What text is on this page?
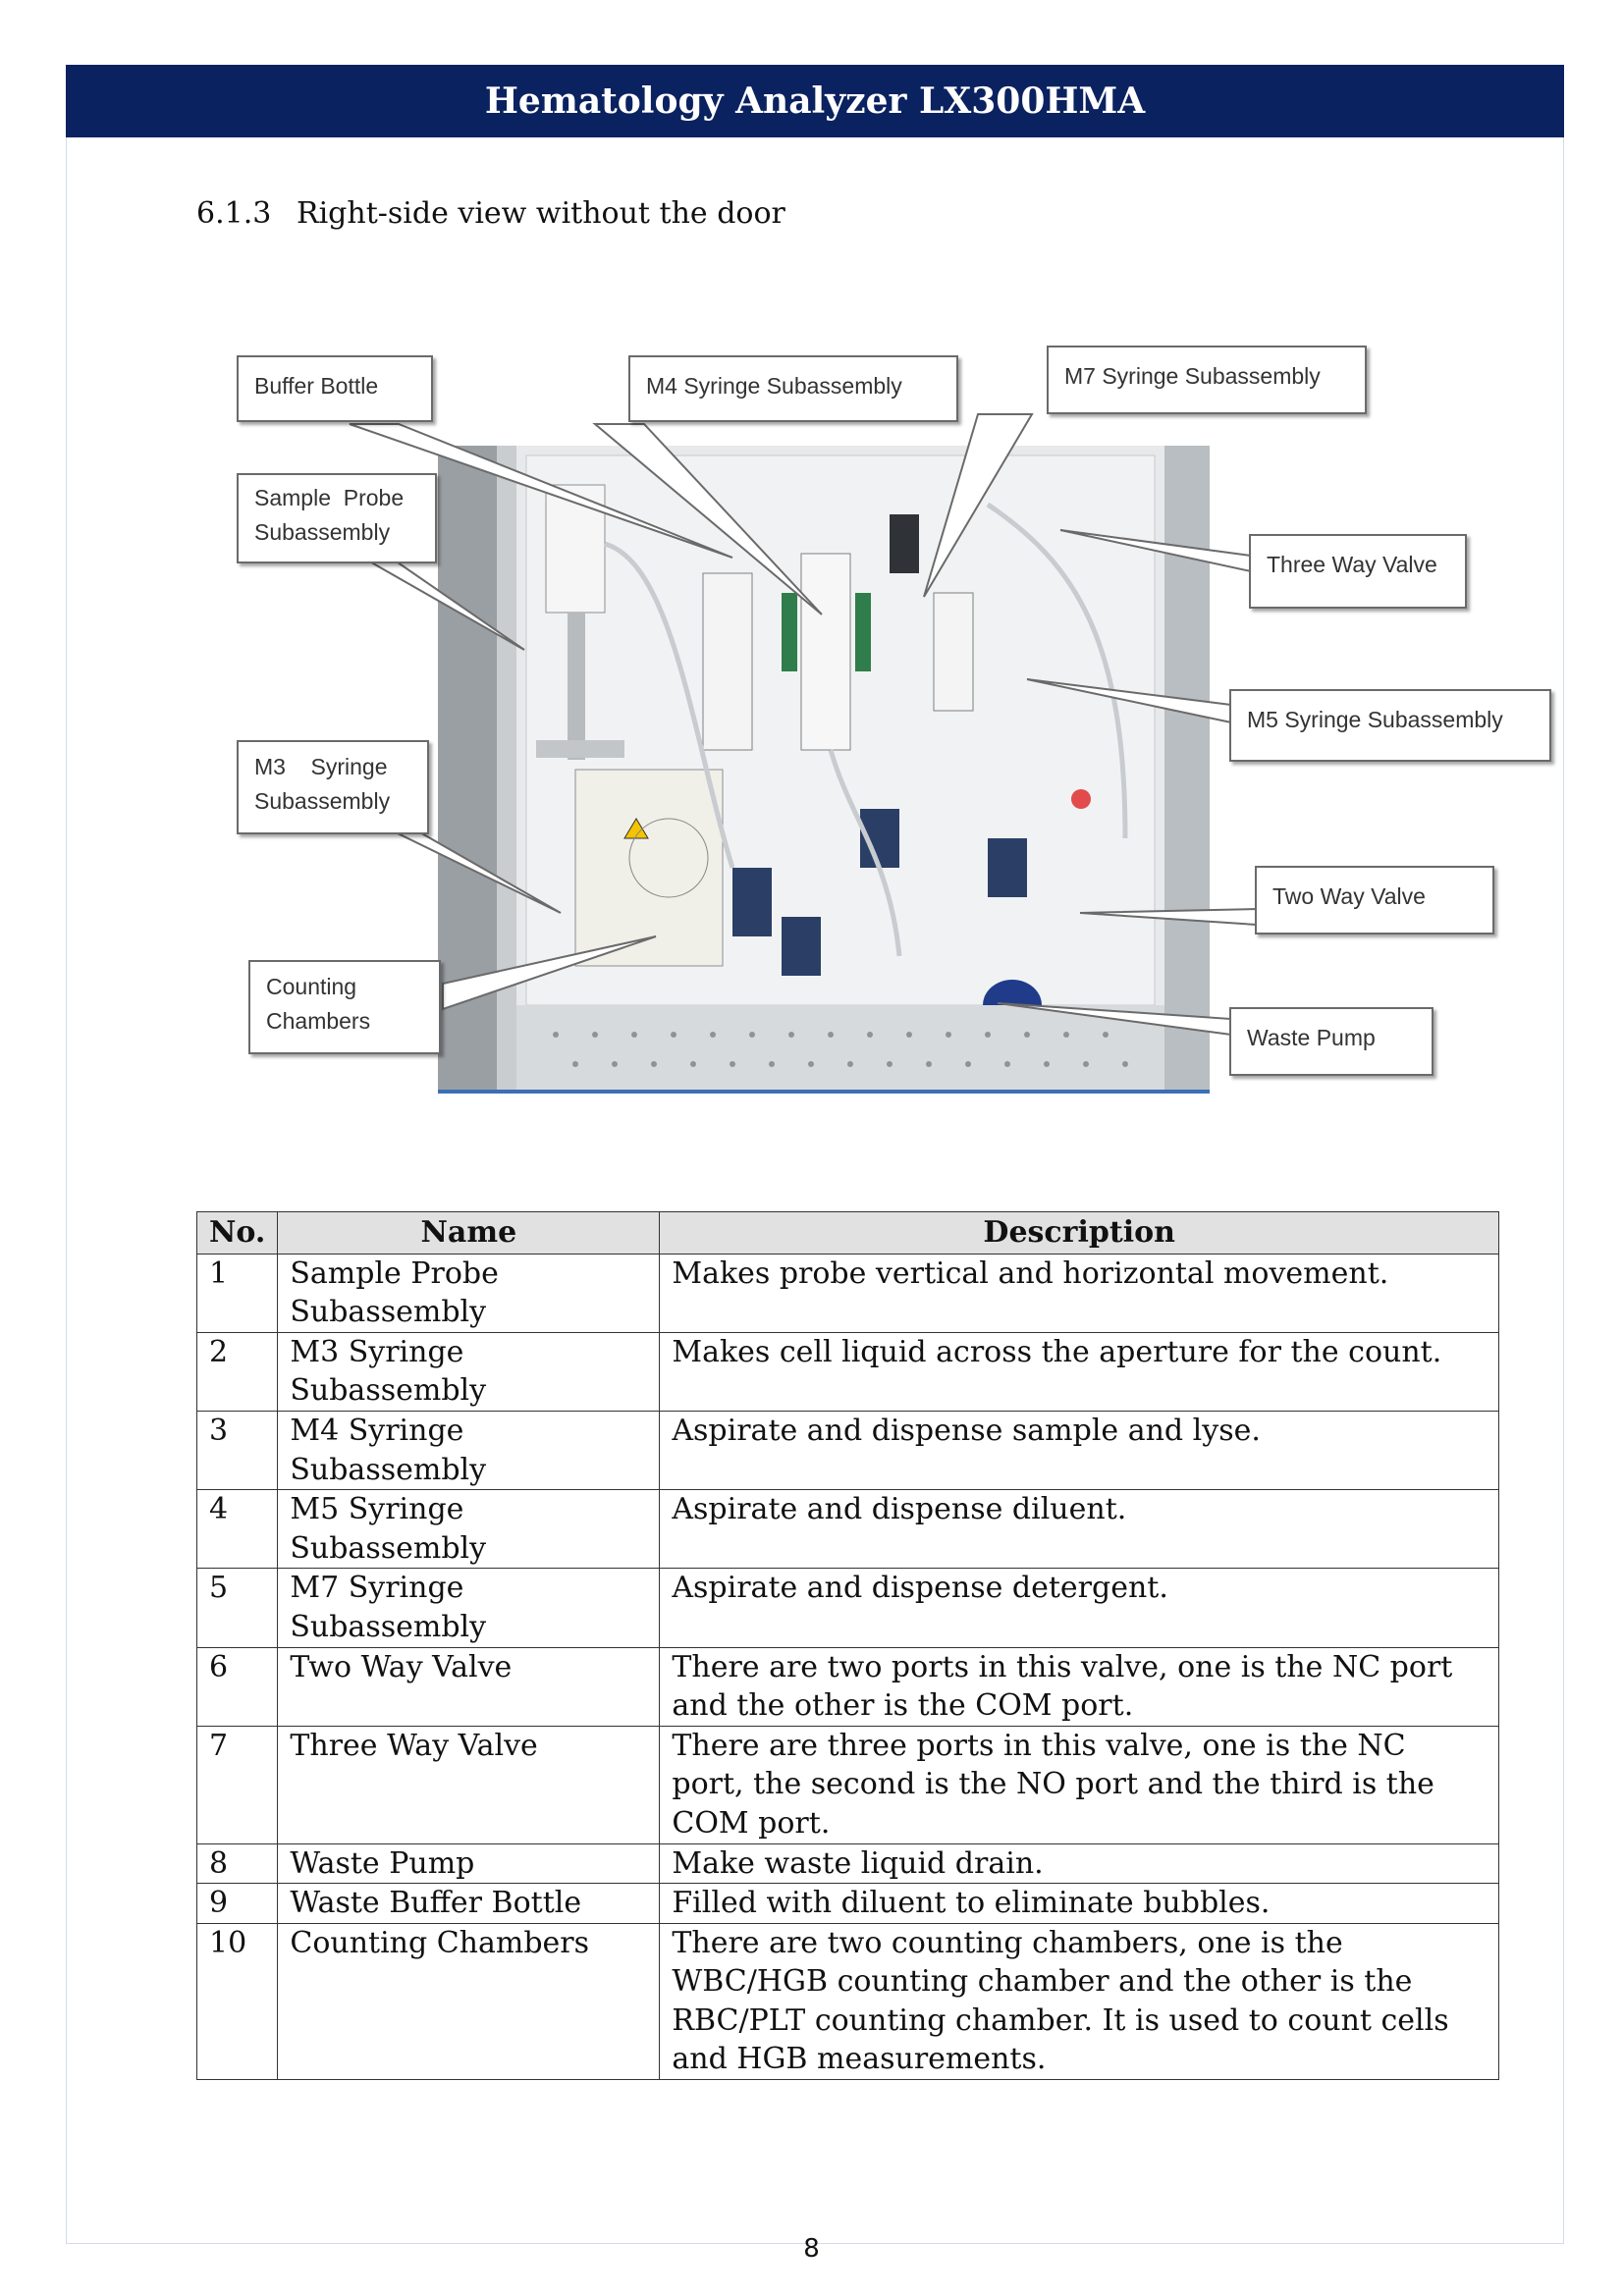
Hematology Analyzer LX300HMA
6.1.3 Right-side view without the door
Buffer Bottle	M4 Syringe Subassembly	M7 Syringe Subassembly
Sample  Probe
Subassembly
Three Way Valve
M5 Syringe Subassembly
M3    Syringe
Subassembly
Two Way Valve
Counting
Chambers
Waste Pump
No.	Name	Description
1	Sample Probe Subassembly	Makes probe vertical and horizontal movement.
2	M3 Syringe Subassembly	Makes cell liquid across the aperture for the count.
3	M4 Syringe Subassembly	Aspirate and dispense sample and lyse.
4	M5 Syringe Subassembly	Aspirate and dispense diluent.
5	M7 Syringe Subassembly	Aspirate and dispense detergent.
6	Two Way Valve	There are two ports in this valve, one is the NC port and the other is the COM port.
7	Three Way Valve	There are three ports in this valve, one is the NC port, the second is the NO port and the third is the COM port.
8	Waste Pump	Make waste liquid drain.
9	Waste Buffer Bottle	Filled with diluent to eliminate bubbles.
10	Counting Chambers	There are two counting chambers, one is the WBC/HGB counting chamber and the other is the RBC/PLT counting chamber. It is used to count cells and HGB measurements.
8
